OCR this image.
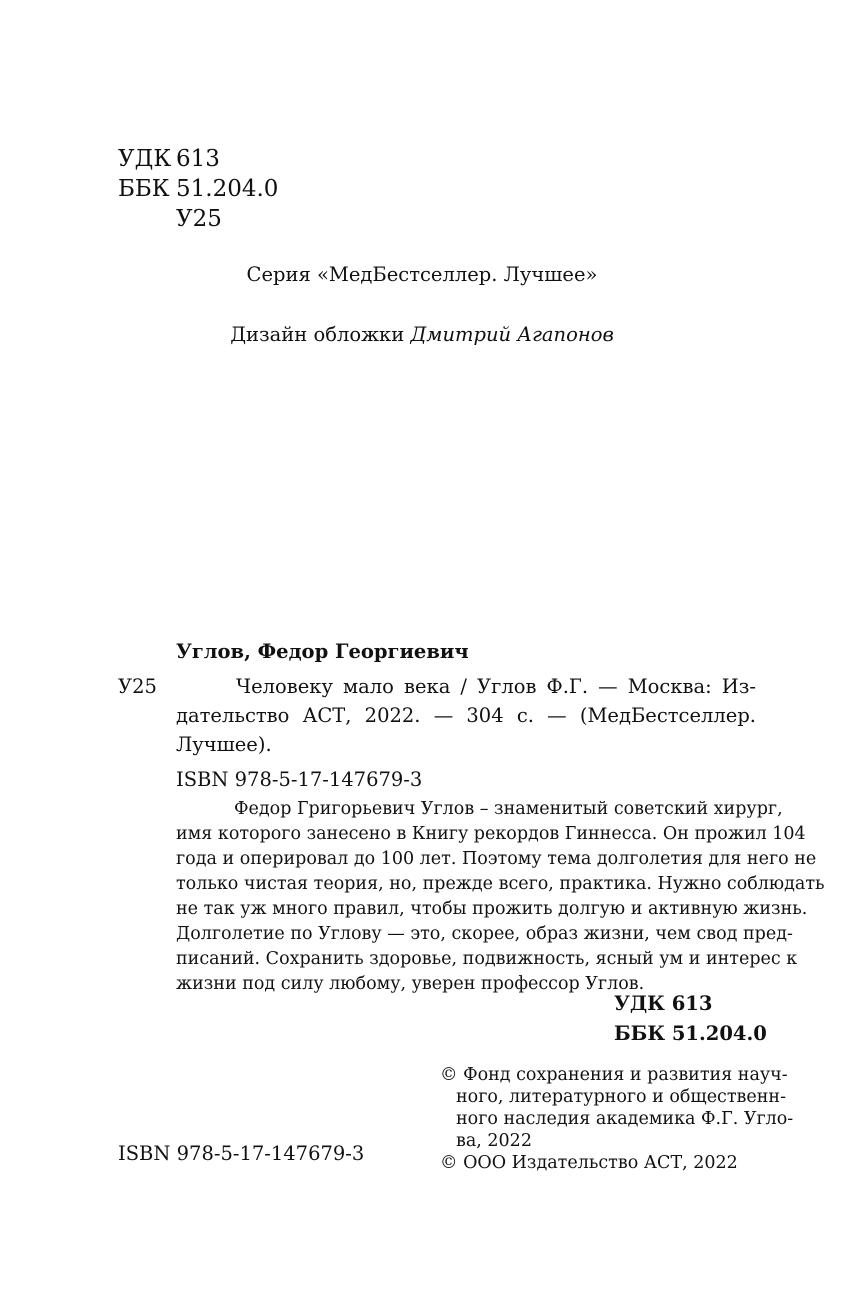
УДК 613
ББК 51.204.0
У25
Серия «МедБестселлер. Лучшее»
Дизайн обложки Дмитрий Агапонов
Углов, Федор Георгиевич
У25	Человеку мало века / Углов Ф.Г. — Москва: Из-
дательство АСТ, 2022. — 304 с. — (МедБестселлер.
Лучшее).
ISBN 978-5-17-147679-3
Федор Григорьевич Углов – знаменитый советский хирург,
имя которого занесено в Книгу рекордов Гиннесса. Он прожил 104
года и оперировал до 100 лет. Поэтому тема долголетия для него не
только чистая теория, но, прежде всего, практика. Нужно соблюдать
не так уж много правил, чтобы прожить долгую и активную жизнь.
Долголетие по Углову — это, скорее, образ жизни, чем свод пред-
писаний. Сохранить здоровье, подвижность, ясный ум и интерес к
жизни под силу любому, уверен профессор Углов.
УДК 613
ББК 51.204.0
ISBN 978-5-17-147679-3
© Фонд сохранения и развития науч-
ного, литературного и общественн-
ного наследия академика Ф.Г. Угло-
ва, 2022
© ООО Издательство АСТ, 2022
